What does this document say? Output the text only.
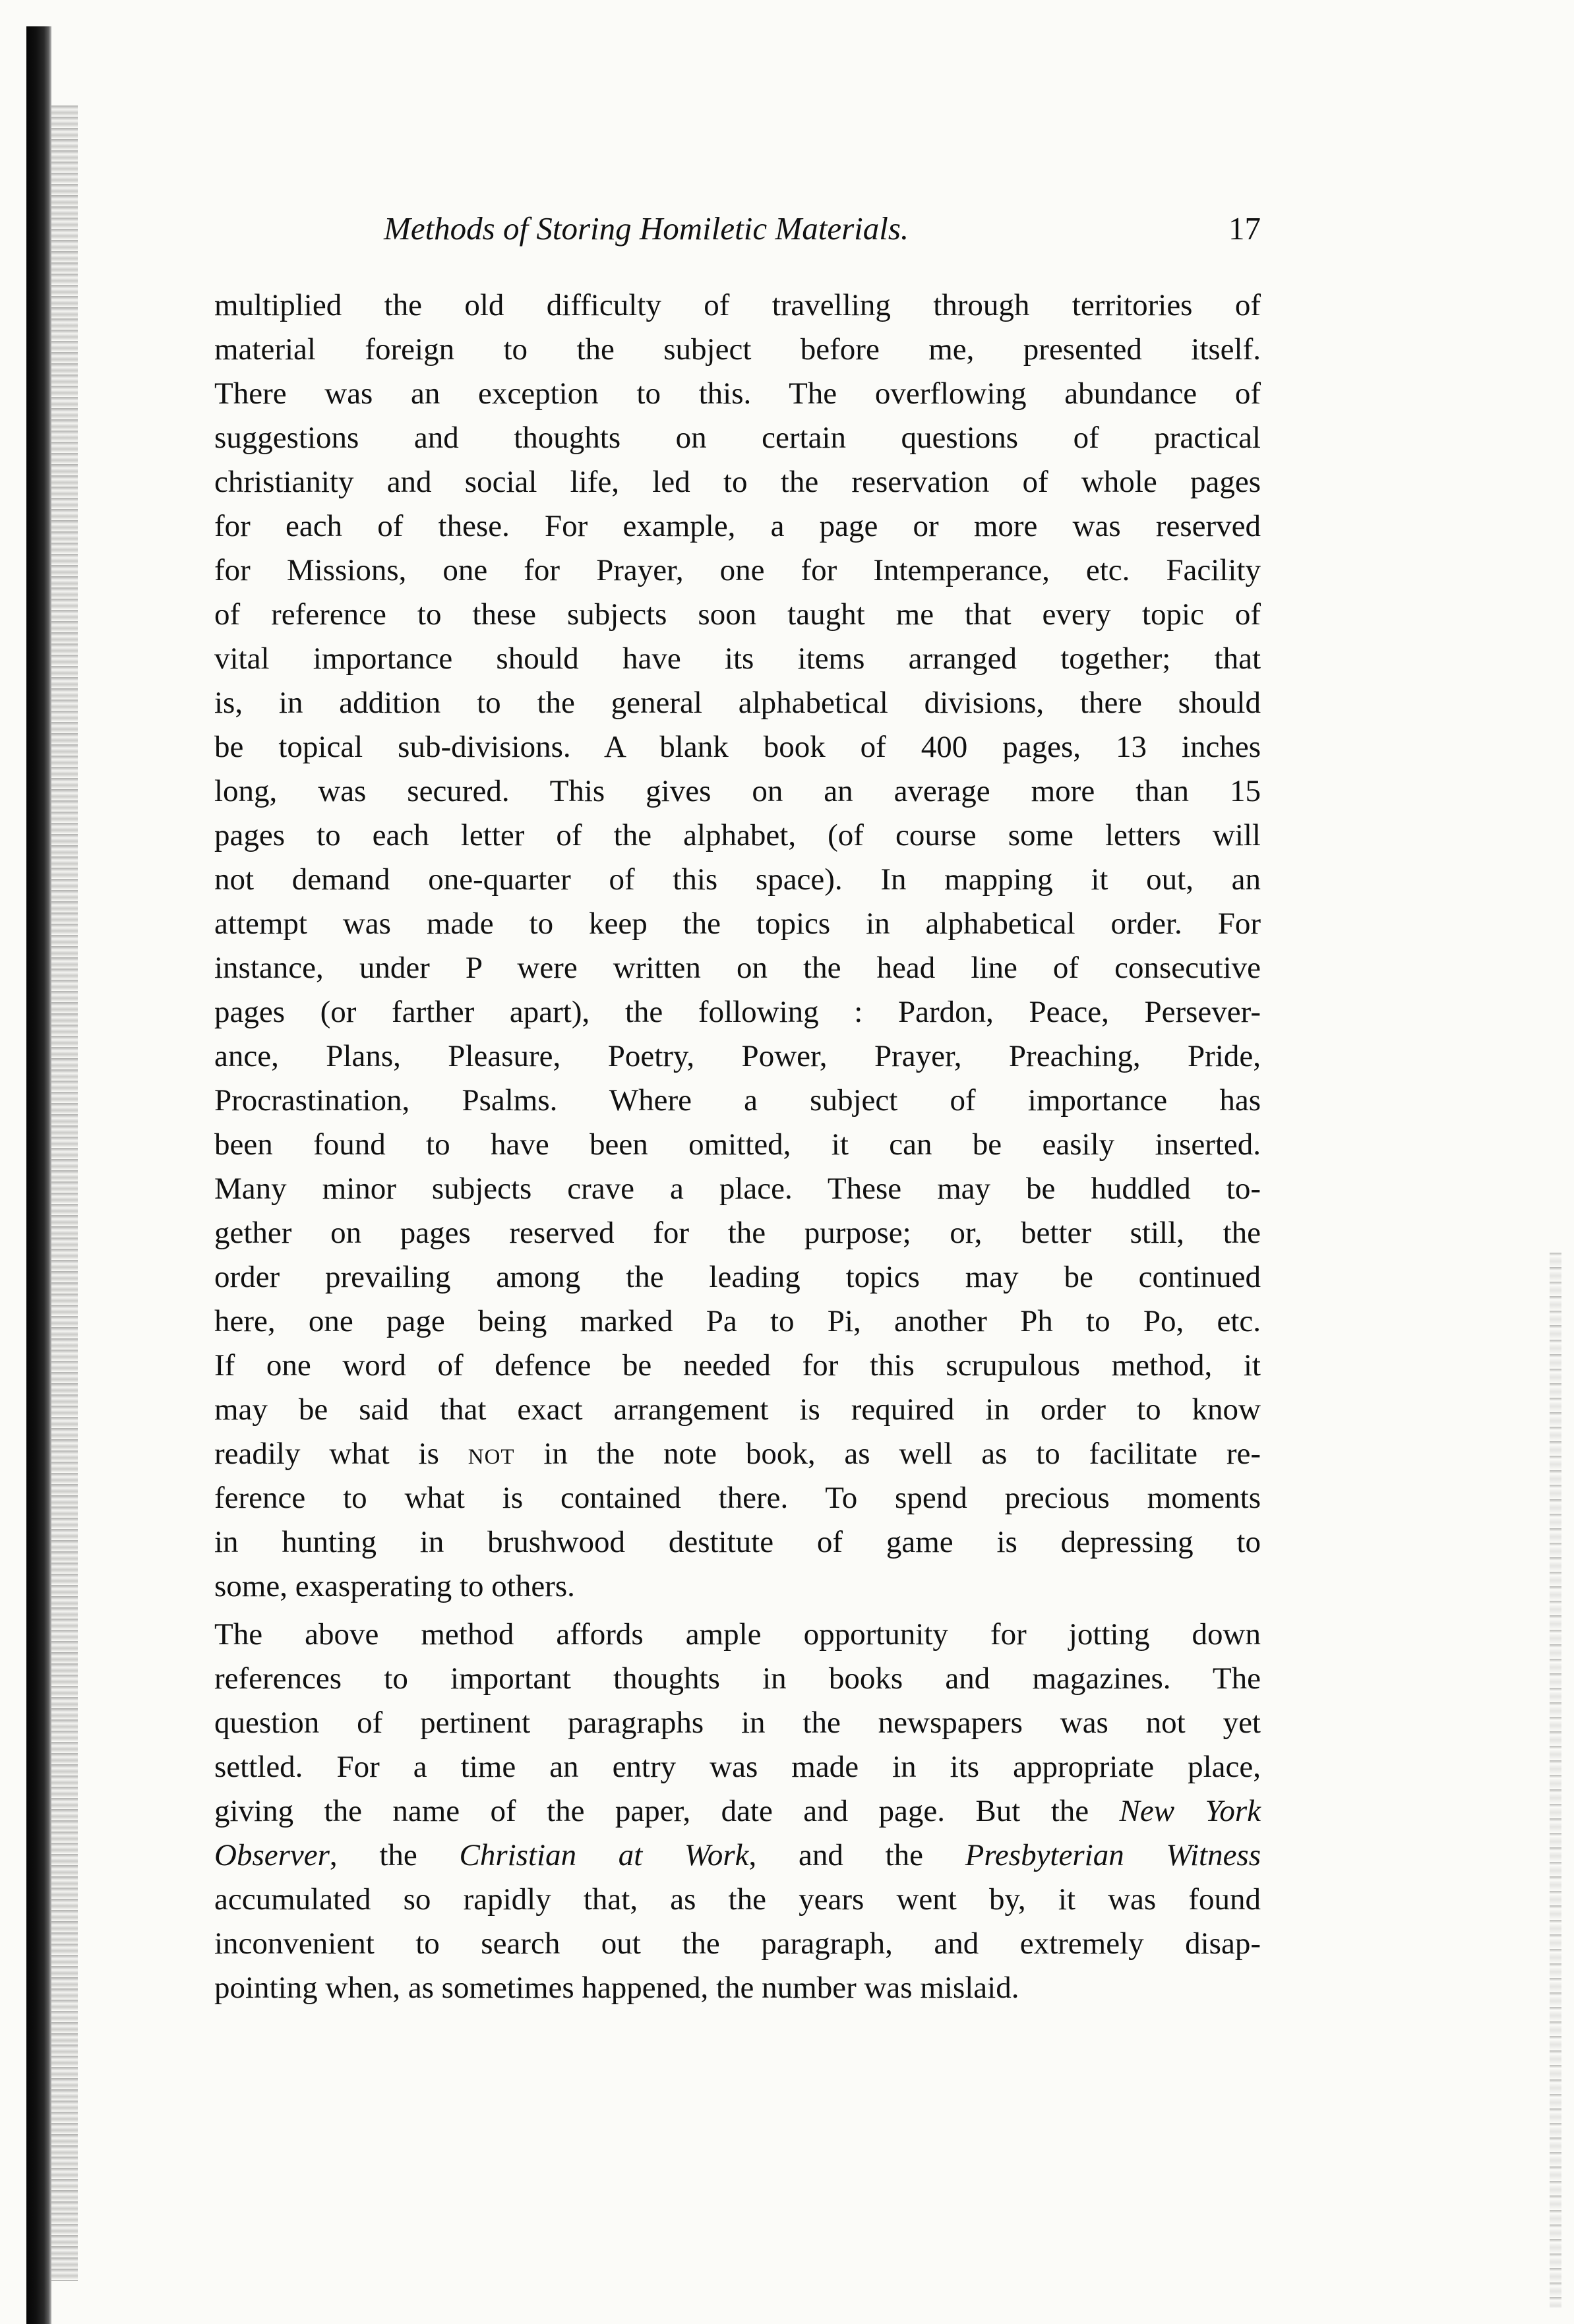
Methods of Storing Homiletic Materials.	17
multiplied the old difficulty of travelling through territories of
material foreign to the subject before me, presented itself.
There was an exception to this. The overflowing abundance of
suggestions and thoughts on certain questions of practical
christianity and social life, led to the reservation of whole pages
for each of these. For example, a page or more was reserved
for Missions, one for Prayer, one for Intemperance, etc. Facility
of reference to these subjects soon taught me that every topic of
vital importance should have its items arranged together; that
is, in addition to the general alphabetical divisions, there should
be topical sub-divisions. A blank book of 400 pages, 13 inches
long, was secured. This gives on an average more than 15
pages to each letter of the alphabet, (of course some letters will
not demand one-quarter of this space). In mapping it out, an
attempt was made to keep the topics in alphabetical order. For
instance, under P were written on the head line of consecutive
pages (or farther apart), the following : Pardon, Peace, Persever-
ance, Plans, Pleasure, Poetry, Power, Prayer, Preaching, Pride,
Procrastination, Psalms. Where a subject of importance has
been found to have been omitted, it can be easily inserted.
Many minor subjects crave a place. These may be huddled to-
gether on pages reserved for the purpose; or, better still, the
order prevailing among the leading topics may be continued
here, one page being marked Pa to Pi, another Ph to Po, etc.
If one word of defence be needed for this scrupulous method, it
may be said that exact arrangement is required in order to know
readily what is not in the note book, as well as to facilitate re-
ference to what is contained there. To spend precious moments
in hunting in brushwood destitute of game is depressing to
some, exasperating to others.
The above method affords ample opportunity for jotting down
references to important thoughts in books and magazines. The
question of pertinent paragraphs in the newspapers was not yet
settled. For a time an entry was made in its appropriate place,
giving the name of the paper, date and page. But the New York
Observer, the Christian at Work, and the Presbyterian Witness
accumulated so rapidly that, as the years went by, it was found
inconvenient to search out the paragraph, and extremely disap-
pointing when, as sometimes happened, the number was mislaid.
